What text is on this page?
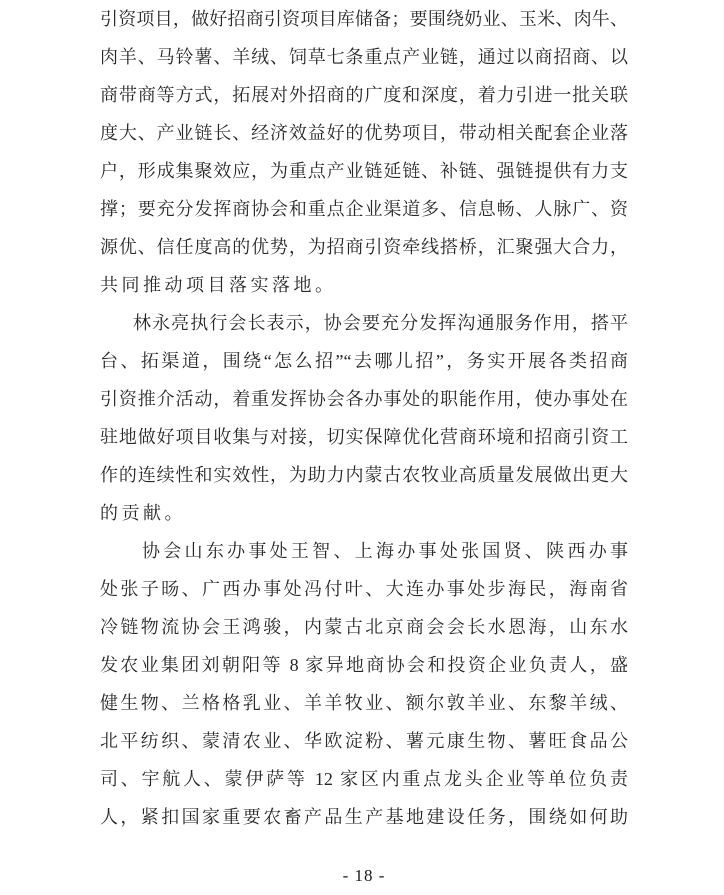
引资项目，做好招商引资项目库储备；要围绕奶业、玉米、肉牛、
肉羊、马铃薯、羊绒、饲草七条重点产业链，通过以商招商、以
商带商等方式，拓展对外招商的广度和深度，着力引进一批关联
度大、产业链长、经济效益好的优势项目，带动相关配套企业落
户，形成集聚效应，为重点产业链延链、补链、强链提供有力支
撑；要充分发挥商协会和重点企业渠道多、信息畅、人脉广、资
源优、信任度高的优势，为招商引资牵线搭桥，汇聚强大合力，
共同推动项目落实落地。
林永亮执行会长表示，协会要充分发挥沟通服务作用，搭平
台、拓渠道，围绕“怎么招”“去哪儿招”，务实开展各类招商
引资推介活动，着重发挥协会各办事处的职能作用，使办事处在
驻地做好项目收集与对接，切实保障优化营商环境和招商引资工
作的连续性和实效性，为助力内蒙古农牧业高质量发展做出更大
的贡献。
协会山东办事处王智、上海办事处张国贤、陕西办事
处张子旸、广西办事处冯付叶、大连办事处步海民，海南省
冷链物流协会王鸿骏，内蒙古北京商会会长水恩海，山东水
发农业集团刘朝阳等 8 家异地商协会和投资企业负责人，盛
健生物、兰格格乳业、羊羊牧业、额尔敦羊业、东黎羊绒、
北平纺织、蒙清农业、华欧淀粉、薯元康生物、薯旺食品公
司、宇航人、蒙伊萨等 12 家区内重点龙头企业等单位负责
人，紧扣国家重要农畜产品生产基地建设任务，围绕如何助
- 18 -
